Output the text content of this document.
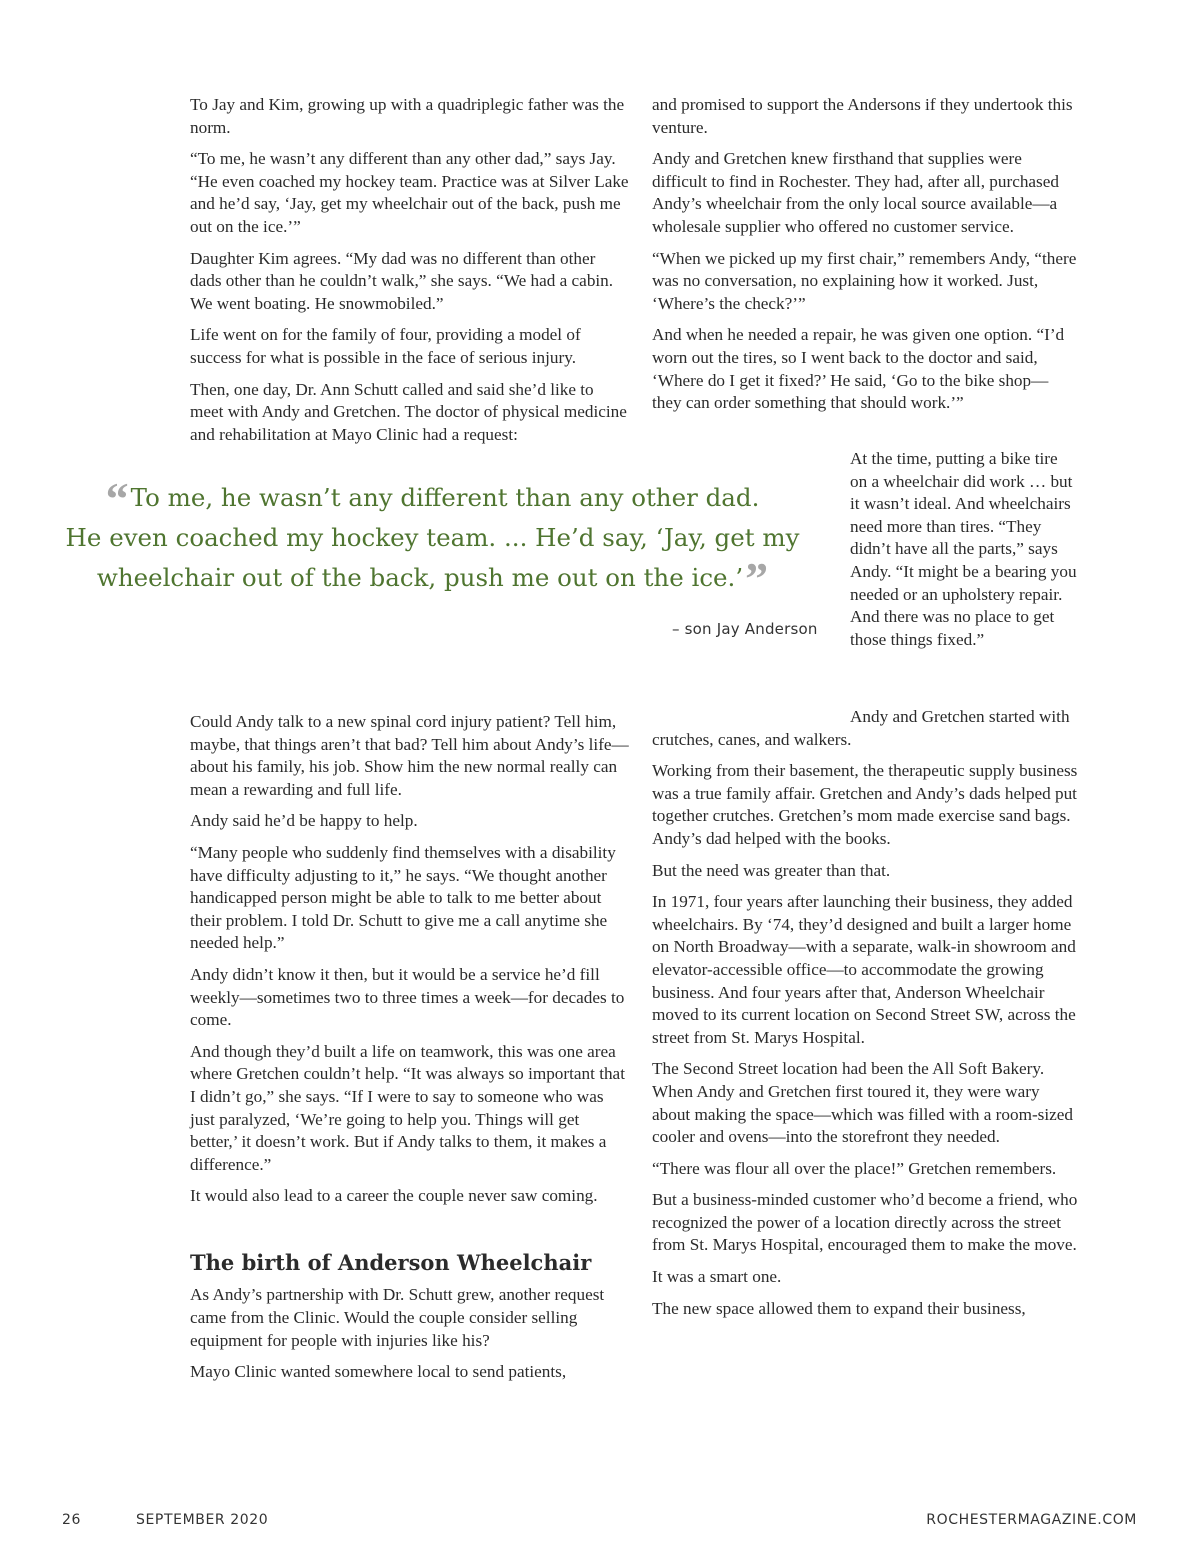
To Jay and Kim, growing up with a quadriplegic father was the norm.

“To me, he wasn’t any different than any other dad,” says Jay. “He even coached my hockey team. Practice was at Silver Lake and he’d say, ‘Jay, get my wheelchair out of the back, push me out on the ice.’”

Daughter Kim agrees. “My dad was no different than other dads other than he couldn’t walk,” she says. “We had a cabin. We went boating. He snowmobiled.”

Life went on for the family of four, providing a model of success for what is possible in the face of serious injury.

Then, one day, Dr. Ann Schutt called and said she’d like to meet with Andy and Gretchen. The doctor of physical medicine and rehabilitation at Mayo Clinic had a request:

and promised to support the Andersons if they undertook this venture.

Andy and Gretchen knew firsthand that supplies were difficult to find in Rochester. They had, after all, purchased Andy’s wheelchair from the only local source available—a wholesale supplier who offered no customer service.

“When we picked up my first chair,” remembers Andy, “there was no conversation, no explaining how it worked. Just, ‘Where’s the check?’”

And when he needed a repair, he was given one option. “I’d worn out the tires, so I went back to the doctor and said, ‘Where do I get it fixed?’ He said, ‘Go to the bike shop—they can order something that should work.’”

At the time, putting a bike tire on a wheelchair did work … but it wasn’t ideal. And wheelchairs need more than tires. “They didn’t have all the parts,” says Andy. “It might be a bearing you needed or an upholstery repair. And there was no place to get those things fixed.”

“To me, he wasn’t any different than any other dad.
He even coached my hockey team. ... He’d say, ‘Jay, get my
wheelchair out of the back, push me out on the ice.’”
– son Jay Anderson

Could Andy talk to a new spinal cord injury patient? Tell him, maybe, that things aren’t that bad? Tell him about Andy’s life—about his family, his job. Show him the new normal really can mean a rewarding and full life.

Andy said he’d be happy to help.

“Many people who suddenly find themselves with a disability have difficulty adjusting to it,” he says. “We thought another handicapped person might be able to talk to me better about their problem. I told Dr. Schutt to give me a call anytime she needed help.”

Andy didn’t know it then, but it would be a service he’d fill weekly—sometimes two to three times a week—for decades to come.

And though they’d built a life on teamwork, this was one area where Gretchen couldn’t help. “It was always so important that I didn’t go,” she says. “If I were to say to someone who was just paralyzed, ‘We’re going to help you. Things will get better,’ it doesn’t work. But if Andy talks to them, it makes a difference.”

It would also lead to a career the couple never saw coming.

The birth of Anderson Wheelchair

As Andy’s partnership with Dr. Schutt grew, another request came from the Clinic. Would the couple consider selling equipment for people with injuries like his?

Mayo Clinic wanted somewhere local to send patients,

Andy and Gretchen started with crutches, canes, and walkers.

Working from their basement, the therapeutic supply business was a true family affair. Gretchen and Andy’s dads helped put together crutches. Gretchen’s mom made exercise sand bags. Andy’s dad helped with the books.

But the need was greater than that.

In 1971, four years after launching their business, they added wheelchairs. By ‘74, they’d designed and built a larger home on North Broadway—with a separate, walk-in showroom and elevator-accessible office—to accommodate the growing business. And four years after that, Anderson Wheelchair moved to its current location on Second Street SW, across the street from St. Marys Hospital.

The Second Street location had been the All Soft Bakery. When Andy and Gretchen first toured it, they were wary about making the space—which was filled with a room-sized cooler and ovens—into the storefront they needed.

“There was flour all over the place!” Gretchen remembers.

But a business-minded customer who’d become a friend, who recognized the power of a location directly across the street from St. Marys Hospital, encouraged them to make the move.

It was a smart one.

The new space allowed them to expand their business,

26	SEPTEMBER 2020	ROCHESTERMAGAZINE.COM
